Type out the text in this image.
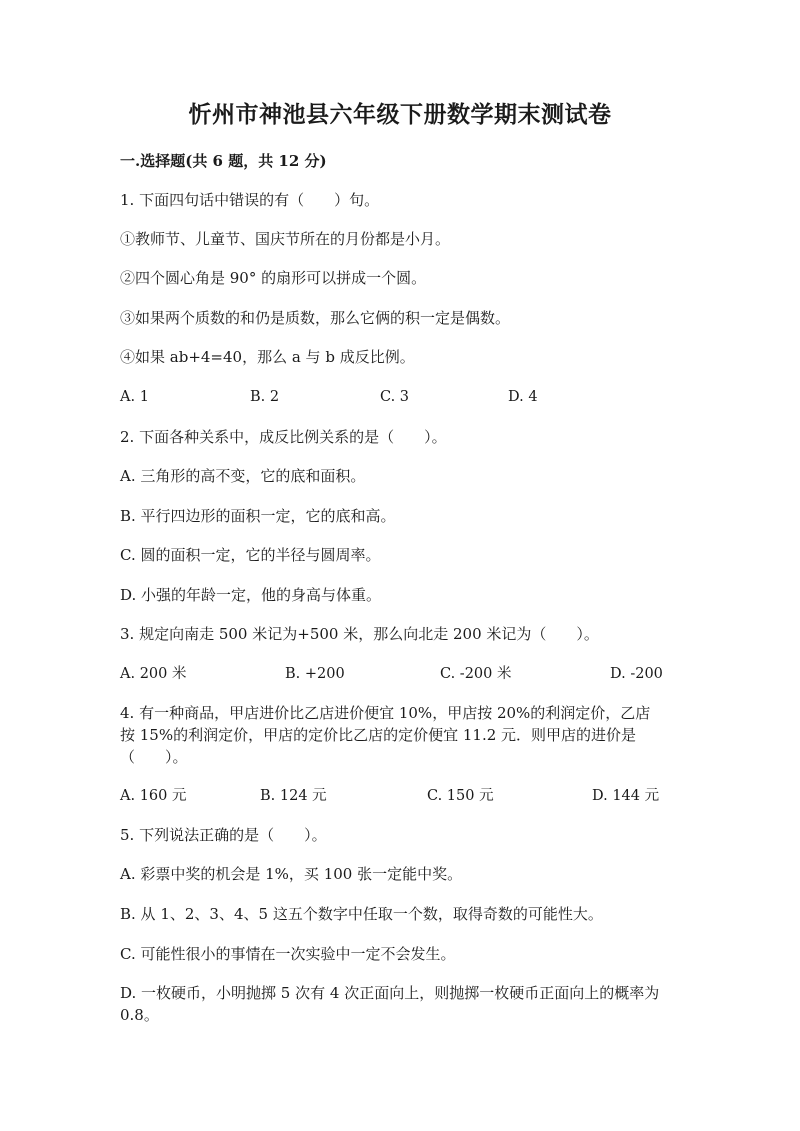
忻州市神池县六年级下册数学期末测试卷
一.选择题(共 6 题，共 12 分)
1. 下面四句话中错误的有（　　）句。
①教师节、儿童节、国庆节所在的月份都是小月。
②四个圆心角是 90° 的扇形可以拼成一个圆。
③如果两个质数的和仍是质数，那么它俩的积一定是偶数。
④如果 ab+4=40，那么 a 与 b 成反比例。
A. 1	B. 2	C. 3	D. 4
2. 下面各种关系中，成反比例关系的是（　　）。
A. 三角形的高不变，它的底和面积。
B. 平行四边形的面积一定，它的底和高。
C. 圆的面积一定，它的半径与圆周率。
D. 小强的年龄一定，他的身高与体重。
3. 规定向南走 500 米记为+500 米，那么向北走 200 米记为（　　）。
A. 200 米	B. +200	C. -200 米	D. -200
4. 有一种商品，甲店进价比乙店进价便宜 10%，甲店按 20%的利润定价，乙店按 15%的利润定价，甲店的定价比乙店的定价便宜 11.2 元．则甲店的进价是（　　）。
A. 160 元	B. 124 元	C. 150 元	D. 144 元
5. 下列说法正确的是（　　）。
A. 彩票中奖的机会是 1%，买 100 张一定能中奖。
B. 从 1、2、3、4、5 这五个数字中任取一个数，取得奇数的可能性大。
C. 可能性很小的事情在一次实验中一定不会发生。
D. 一枚硬币，小明抛掷 5 次有 4 次正面向上，则抛掷一枚硬币正面向上的概率为 0.8。
